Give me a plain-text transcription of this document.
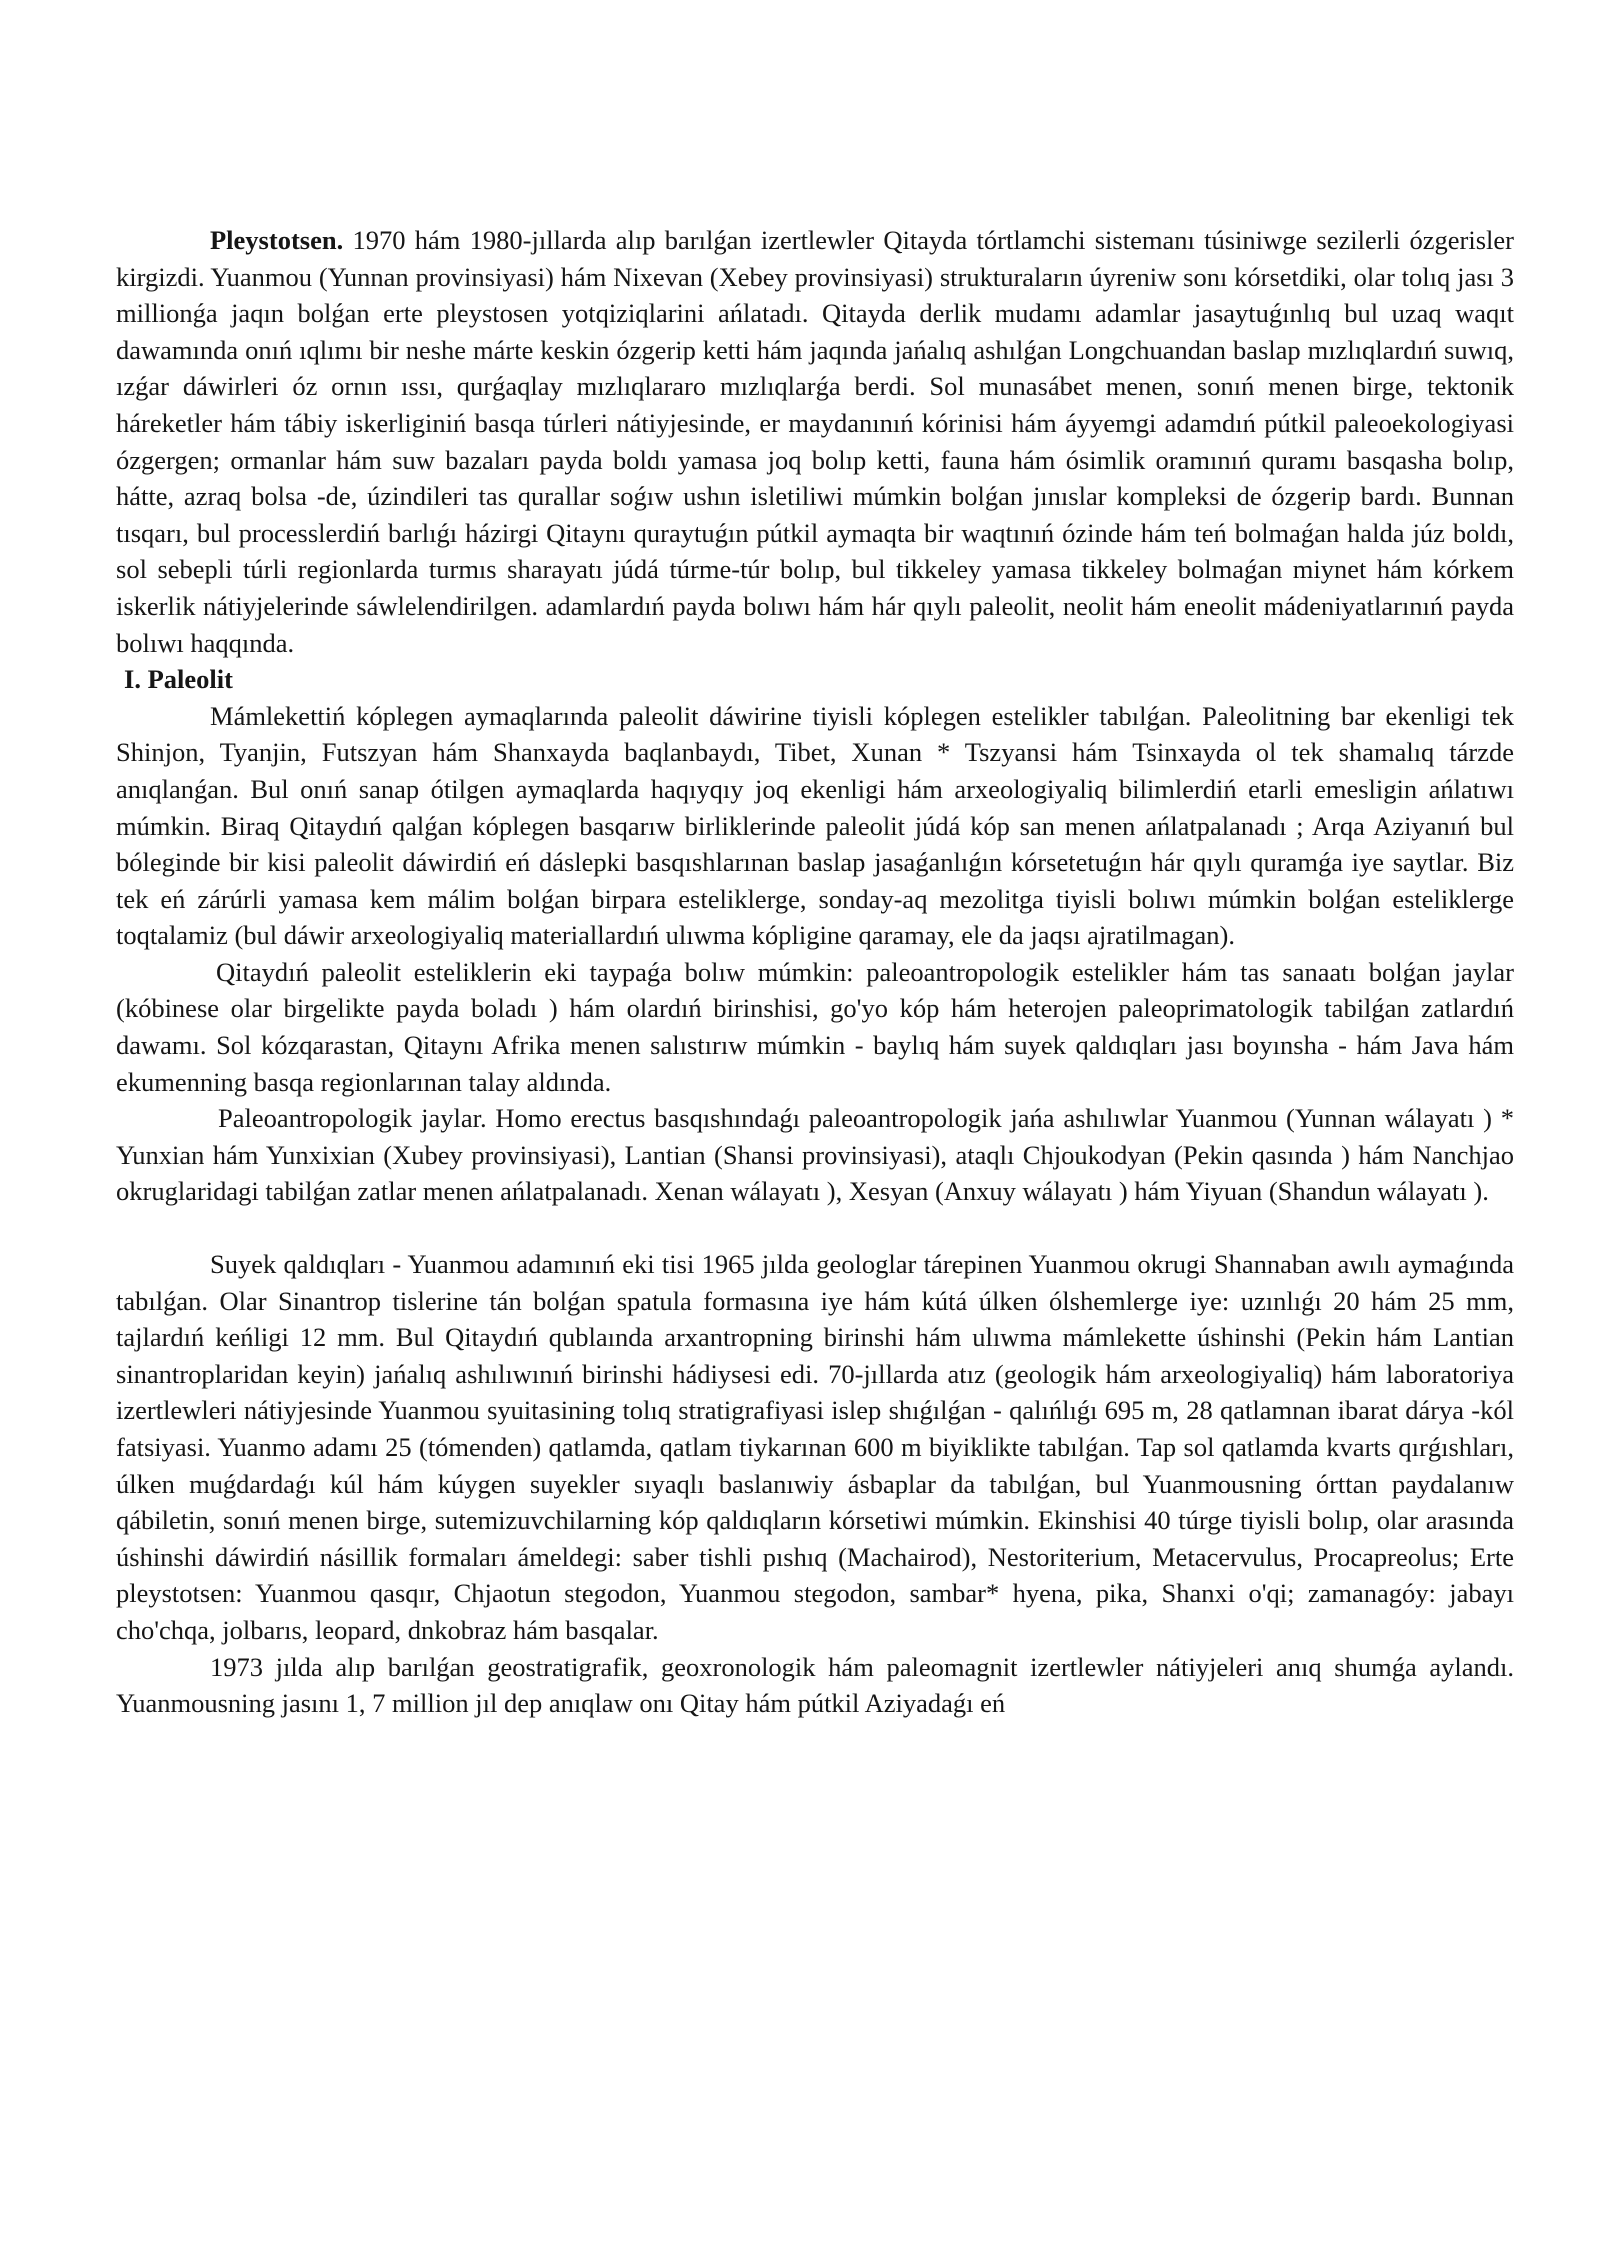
Pleystotsen. 1970 hám 1980-jıllarda alıp barılǵan izertlewler Qitayda tórtlamchi sistemanı túsiniwge sezilerli ózgerisler kirgizdi. Yuanmou (Yunnan provinsiyasi) hám Nixevan (Xebey provinsiyasi) strukturaların úyreniw sonı kórsetdiki, olar tolıq jası 3 millionǵa jaqın bolǵan erte pleystosen yotqiziqlarini ańlatadı. Qitayda derlik mudamı adamlar jasaytuǵınlıq bul uzaq waqıt dawamında onıń ıqlımı bir neshe márte keskin ózgerip ketti hám jaqında jańalıq ashılǵan Longchuandan baslap mızlıqlardıń suwıq, ızǵar dáwirleri óz ornın ıssı, qurǵaqlay mızlıqlararo mızlıqlarǵa berdi. Sol munasábet menen, sonıń menen birge, tektonik háreketler hám tábiy iskerliginiń basqa túrleri nátiyjesinde, er maydanınıń kórinisi hám áyyemgi adamdıń pútkil paleoekologiyasi ózgergen; ormanlar hám suw bazaları payda boldı yamasa joq bolıp ketti, fauna hám ósimlik oramınıń quramı basqasha bolıp, hátte, azraq bolsa -de, úzindileri tas qurallar soǵıw ushın isletiliwi múmkin bolǵan jınıslar kompleksi de ózgerip bardı. Bunnan tısqarı, bul processlerdiń barlıǵı házirgi Qitaynı quraytuǵın pútkil aymaqta bir waqtınıń ózinde hám teń bolmaǵan halda júz boldı, sol sebepli túrli regionlarda turmıs sharayatı júdá túrme-túr bolıp, bul tikkeley yamasa tikkeley bolmaǵan miynet hám kórkem iskerlik nátiyjelerinde sáwlelendirilgen. adamlardıń payda bolıwı hám hár qıylı paleolit, neolit hám eneolit mádeniyatlarınıń payda bolıwı haqqında.

I. Paleolit

Mámlekettiń kóplegen aymaqlarında paleolit dáwirine tiyisli kóplegen estelikler tabılǵan. Paleolitning bar ekenligi tek Shinjon, Tyanjin, Futszyan hám Shanxayda baqlanbaydı, Tibet, Xunan * Tszyansi hám Tsinxayda ol tek shamalıq tárzde anıqlanǵan. Bul onıń sanap ótilgen aymaqlarda haqıyqıy joq ekenligi hám arxeologiyaliq bilimlerdiń etarli emesligin ańlatıwı múmkin. Biraq Qitaydıń qalǵan kóplegen basqarıw birliklerinde paleolit júdá kóp san menen ańlatpalanadı ; Arqa Aziyanıń bul bóleginde bir kisi paleolit dáwirdiń eń dáslepki basqıshlarınan baslap jasaǵanlıǵın kórsetetuǵın hár qıylı quramǵa iye saytlar. Biz tek eń zárúrli yamasa kem málim bolǵan birpara esteliklerge, sonday-aq mezolitga tiyisli bolıwı múmkin bolǵan esteliklerge toqtalamiz (bul dáwir arxeologiyaliq materiallardıń ulıwma kópligine qaramay, ele da jaqsı ajratilmagan).

Qitaydıń paleolit esteliklerin eki taypaǵa bolıw múmkin: paleoantropologik estelikler hám tas sanaatı bolǵan jaylar (kóbinese olar birgelikte payda boladı ) hám olardıń birinshisi, go'yo kóp hám heterojen paleoprimatologik tabilǵan zatlardıń dawamı. Sol kózqarastan, Qitaynı Afrika menen salıstırıw múmkin - baylıq hám suyek qaldıqları jası boyınsha - hám Java hám ekumenning basqa regionlarınan talay aldında.

Paleoantropologik jaylar. Homo erectus basqıshındaǵı paleoantropologik jańa ashılıwlar Yuanmou (Yunnan wálayatı ) * Yunxian hám Yunxixian (Xubey provinsiyasi), Lantian (Shansi provinsiyasi), ataqlı Chjoukodyan (Pekin qasında ) hám Nanchjao okruglaridagi tabilǵan zatlar menen ańlatpalanadı. Xenan wálayatı ), Xesyan (Anxuy wálayatı ) hám Yiyuan (Shandun wálayatı ).

Suyek qaldıqları - Yuanmou adamınıń eki tisi 1965 jılda geologlar tárepinen Yuanmou okrugi Shannaban awılı aymaǵında tabılǵan. Olar Sinantrop tislerine tán bolǵan spatula formasına iye hám kútá úlken ólshemlerge iye: uzınlıǵı 20 hám 25 mm, tajlardıń keńligi 12 mm. Bul Qitaydıń qublaında arxantropning birinshi hám ulıwma mámlekette úshinshi (Pekin hám Lantian sinantroplaridan keyin) jańalıq ashılıwınıń birinshi hádiysesi edi. 70-jıllarda atız (geologik hám arxeologiyaliq) hám laboratoriya izertlewleri nátiyjesinde Yuanmou syuitasining tolıq stratigrafiyasi islep shıǵılǵan - qalıńlıǵı 695 m, 28 qatlamnan ibarat dárya -kól fatsiyasi. Yuanmo adamı 25 (tómenden) qatlamda, qatlam tiykarınan 600 m biyiklikte tabılǵan. Tap sol qatlamda kvarts qırǵıshları, úlken muǵdardaǵı kúl hám kúygen suyekler sıyaqlı baslanıwiy ásbaplar da tabılǵan, bul Yuanmousning órttan paydalanıw qábiletin, sonıń menen birge, sutemizuvchilarning kóp qaldıqların kórsetiwi múmkin. Ekinshisi 40 túrge tiyisli bolıp, olar arasında úshinshi dáwirdiń násillik formaları ámeldegi: saber tishli pıshıq (Machairod), Nestoriterium, Metacervulus, Procapreolus; Erte pleystotsen: Yuanmou qasqır, Chjaotun stegodon, Yuanmou stegodon, sambar* hyena, pika, Shanxi o'qi; zamanagóy: jabayı cho'chqa, jolbarıs, leopard, dnkobraz hám basqalar.

1973 jılda alıp barılǵan geostratigrafik, geoxronologik hám paleomagnit izertlewler nátiyjeleri anıq shumǵa aylandı. Yuanmousning jasını 1, 7 million jıl dep anıqlaw onı Qitay hám pútkil Aziyadaǵı eń
